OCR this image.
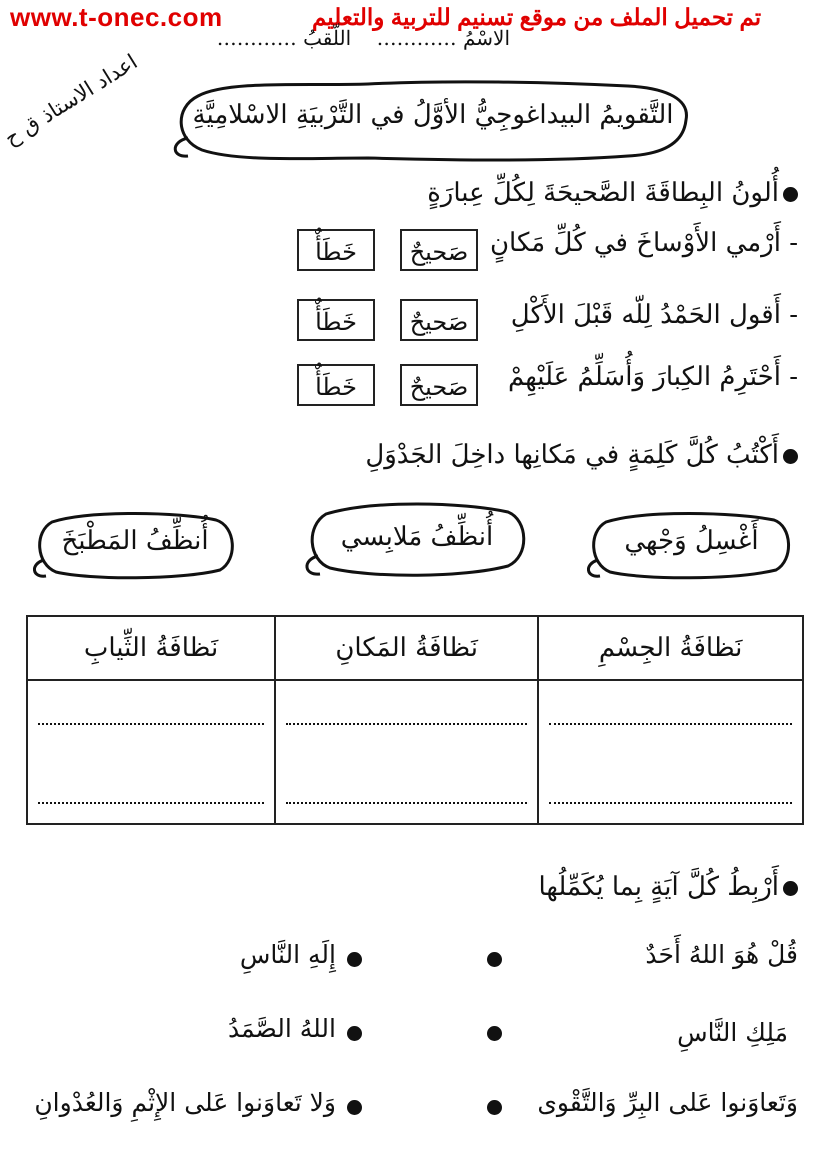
www.t-onec.com	تم تحميل الملف من موقع تسنيم للتربية والتعليم
الاسْمُ …………    اللّقبُ …………
اعداد الاستاذ ق ح	التَّقويمُ البيداغوجِيُّ الأوَّلُ في التَّرْبيَةِ الاسْلامِيَّةِ
أُلونُ البِطاقَةَ الصَّحيحَةَ لِكُلِّ عِبارَةٍ
- أَرْمي الأَوْساخَ في كُلِّ مَكانٍ
صَحيحٌ
خَطَأٌ
- أَقول الحَمْدُ لِلّه قَبْلَ الأَكْلِ
صَحيحٌ
خَطَأٌ
- أَحْتَرِمُ الكِبارَ وَأُسَلِّمُ عَلَيْهِمْ
صَحيحٌ
خَطَأٌ
أَكْتُبُ كُلَّ كَلِمَةٍ في مَكانِها داخِلَ الجَدْوَلِ
أَغْسِلُ وَجْهي
أُنظِّفُ مَلابِسي
أُنظِّفُ المَطْبَخَ
نَظافَةُ الجِسْمِ	نَظافَةُ المَكانِ	نَظافَةُ الثِّيابِ

أَرْبِطُ كُلَّ آيَةٍ بِما يُكَمِّلُها
قُلْ هُوَ اللهُ أَحَدٌ
مَلِكِ النَّاسِ
وَتَعاوَنوا عَلى البِرِّ وَالتَّقْوى
إِلَهِ النَّاسِ
اللهُ الصَّمَدُ
وَلا تَعاوَنوا عَلى الإِثْمِ وَالعُدْوانِ
